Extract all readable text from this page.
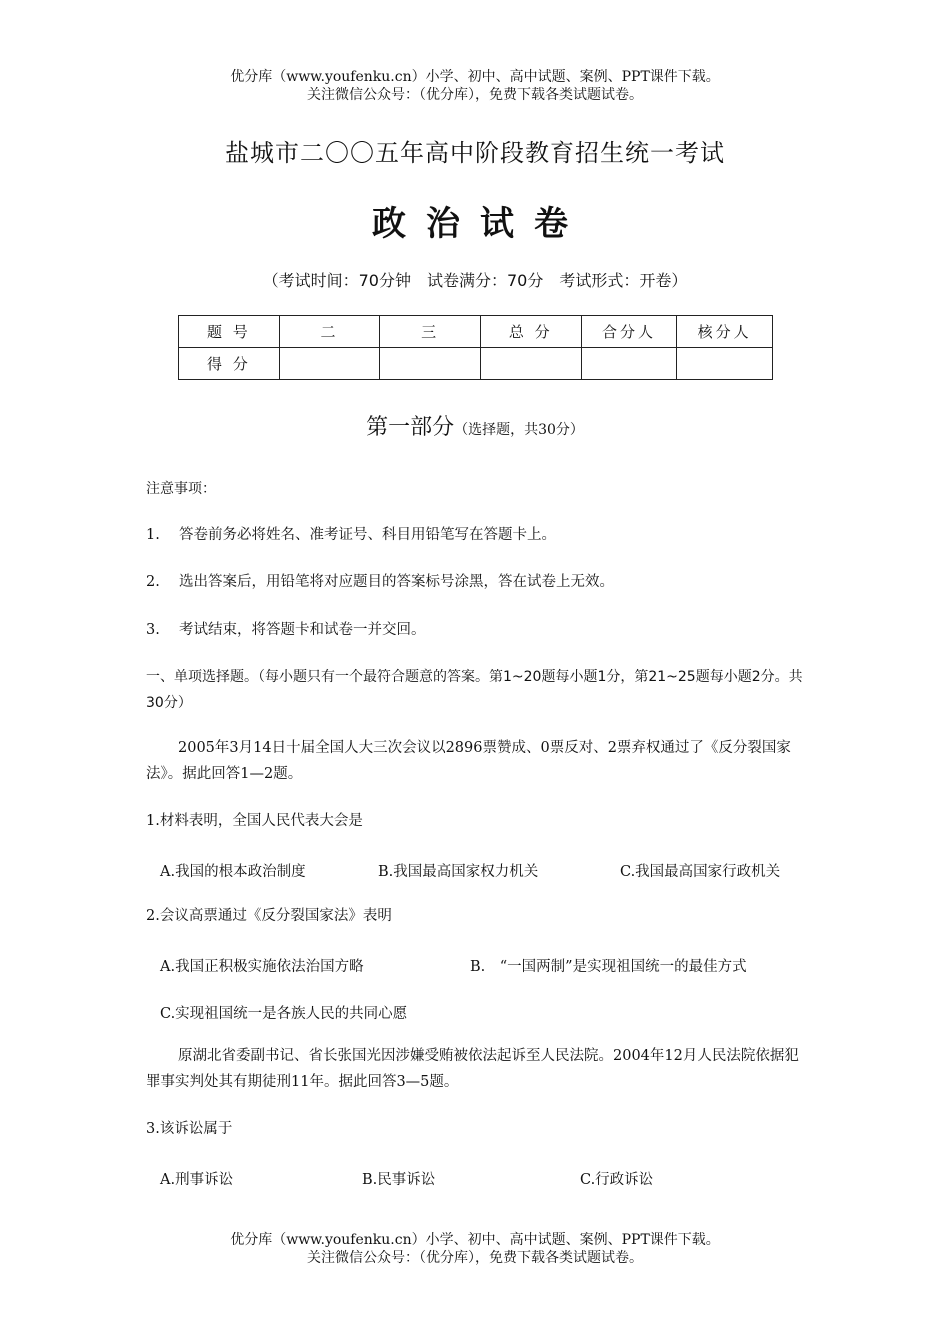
优分库（www.youfenku.cn）小学、初中、高中试题、案例、PPT课件下载。
关注微信公众号：（优分库），免费下载各类试题试卷。
盐城市二〇〇五年高中阶段教育招生统一考试
政治试卷
（考试时间：70分钟　试卷满分：70分　考试形式：开卷）
题 号	二	三	总 分	合分人	核分人
得 分					
第一部分（选择题，共30分）
注意事项：
1.　 答卷前务必将姓名、准考证号、科目用铅笔写在答题卡上。
2.　 选出答案后，用铅笔将对应题目的答案标号涂黑，答在试卷上无效。
3.　 考试结束，将答题卡和试卷一并交回。
一、单项选择题。（每小题只有一个最符合题意的答案。第1~20题每小题1分，第21~25题每小题2分。共30分）
2005年3月14日十届全国人大三次会议以2896票赞成、0票反对、2票弃权通过了《反分裂国家法》。据此回答1—2题。
1.材料表明，全国人民代表大会是
A.我国的根本政治制度	B.我国最高国家权力机关	C.我国最高国家行政机关
2.会议高票通过《反分裂国家法》表明
A.我国正积极实施依法治国方略	B.　“一国两制”是实现祖国统一的最佳方式
C.实现祖国统一是各族人民的共同心愿
原湖北省委副书记、省长张国光因涉嫌受贿被依法起诉至人民法院。2004年12月人民法院依据犯罪事实判处其有期徒刑11年。据此回答3—5题。
3.该诉讼属于
A.刑事诉讼	B.民事诉讼	C.行政诉讼
优分库（www.youfenku.cn）小学、初中、高中试题、案例、PPT课件下载。
关注微信公众号：（优分库），免费下载各类试题试卷。
